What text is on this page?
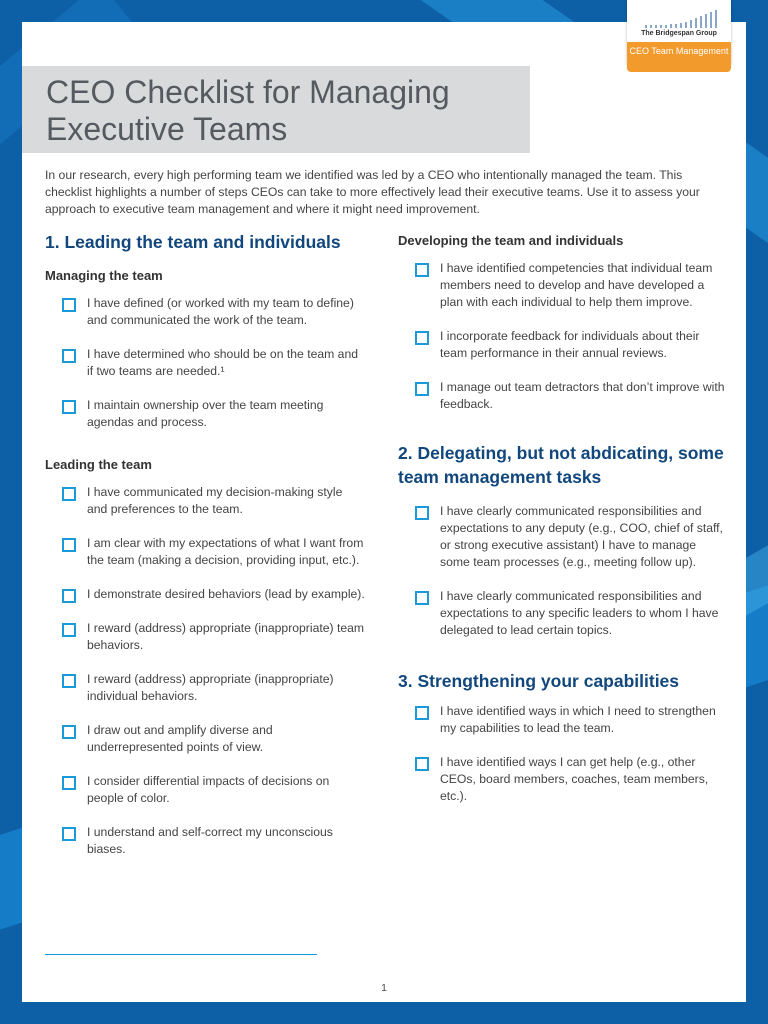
The Bridgespan Group
CEO Team Management
CEO Checklist for Managing Executive Teams
In our research, every high performing team we identified was led by a CEO who intentionally managed the team. This checklist highlights a number of steps CEOs can take to more effectively lead their executive teams. Use it to assess your approach to executive team management and where it might need improvement.
1. Leading the team and individuals
Managing the team
I have defined (or worked with my team to define) and communicated the work of the team.
I have determined who should be on the team and if two teams are needed.¹
I maintain ownership over the team meeting agendas and process.
Leading the team
I have communicated my decision-making style and preferences to the team.
I am clear with my expectations of what I want from the team (making a decision, providing input, etc.).
I demonstrate desired behaviors (lead by example).
I reward (address) appropriate (inappropriate) team behaviors.
I reward (address) appropriate (inappropriate) individual behaviors.
I draw out and amplify diverse and underrepresented points of view.
I consider differential impacts of decisions on people of color.
I understand and self-correct my unconscious biases.
Developing the team and individuals
I have identified competencies that individual team members need to develop and have developed a plan with each individual to help them improve.
I incorporate feedback for individuals about their team performance in their annual reviews.
I manage out team detractors that don’t improve with feedback.
2. Delegating, but not abdicating, some team management tasks
I have clearly communicated responsibilities and expectations to any deputy (e.g., COO, chief of staff, or strong executive assistant) I have to manage some team processes (e.g., meeting follow up).
I have clearly communicated responsibilities and expectations to any specific leaders to whom I have delegated to lead certain topics.
3. Strengthening your capabilities
I have identified ways in which I need to strengthen my capabilities to lead the team.
I have identified ways I can get help (e.g., other CEOs, board members, coaches, team members, etc.).
1
